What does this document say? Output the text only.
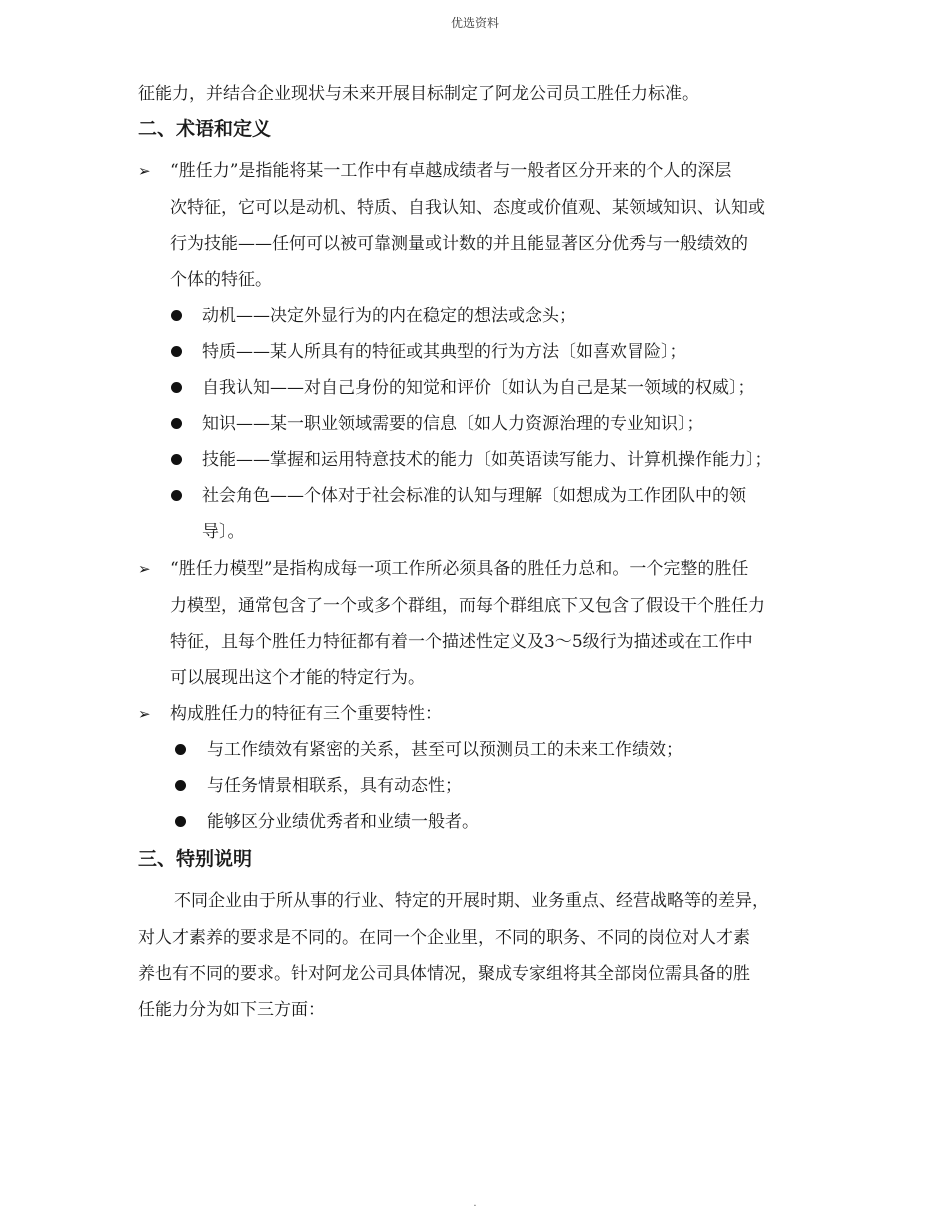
优选资料
征能力，并结合企业现状与未来开展目标制定了阿龙公司员工胜任力标准。
二、术语和定义
➢ “胜任力”是指能将某一工作中有卓越成绩者与一般者区分开来的个人的深层
次特征，它可以是动机、特质、自我认知、态度或价值观、某领域知识、认知或
行为技能——任何可以被可靠测量或计数的并且能显著区分优秀与一般绩效的
个体的特征。
动机——决定外显行为的内在稳定的想法或念头；
特质——某人所具有的特征或其典型的行为方法〔如喜欢冒险〕；
自我认知——对自己身份的知觉和评价〔如认为自己是某一领域的权威〕；
知识——某一职业领域需要的信息〔如人力资源治理的专业知识〕；
技能——掌握和运用特意技术的能力〔如英语读写能力、计算机操作能力〕；
社会角色——个体对于社会标准的认知与理解〔如想成为工作团队中的领
导〕。
➢ “胜任力模型”是指构成每一项工作所必须具备的胜任力总和。一个完整的胜任
力模型，通常包含了一个或多个群组，而每个群组底下又包含了假设干个胜任力
特征，且每个胜任力特征都有着一个描述性定义及3～5级行为描述或在工作中
可以展现出这个才能的特定行为。
➢ 构成胜任力的特征有三个重要特性：
与工作绩效有紧密的关系，甚至可以预测员工的未来工作绩效；
与任务情景相联系，具有动态性；
能够区分业绩优秀者和业绩一般者。
三、特别说明
不同企业由于所从事的行业、特定的开展时期、业务重点、经营战略等的差异，
对人才素养的要求是不同的。在同一个企业里，不同的职务、不同的岗位对人才素
养也有不同的要求。针对阿龙公司具体情况，聚成专家组将其全部岗位需具备的胜
任能力分为如下三方面：
.
